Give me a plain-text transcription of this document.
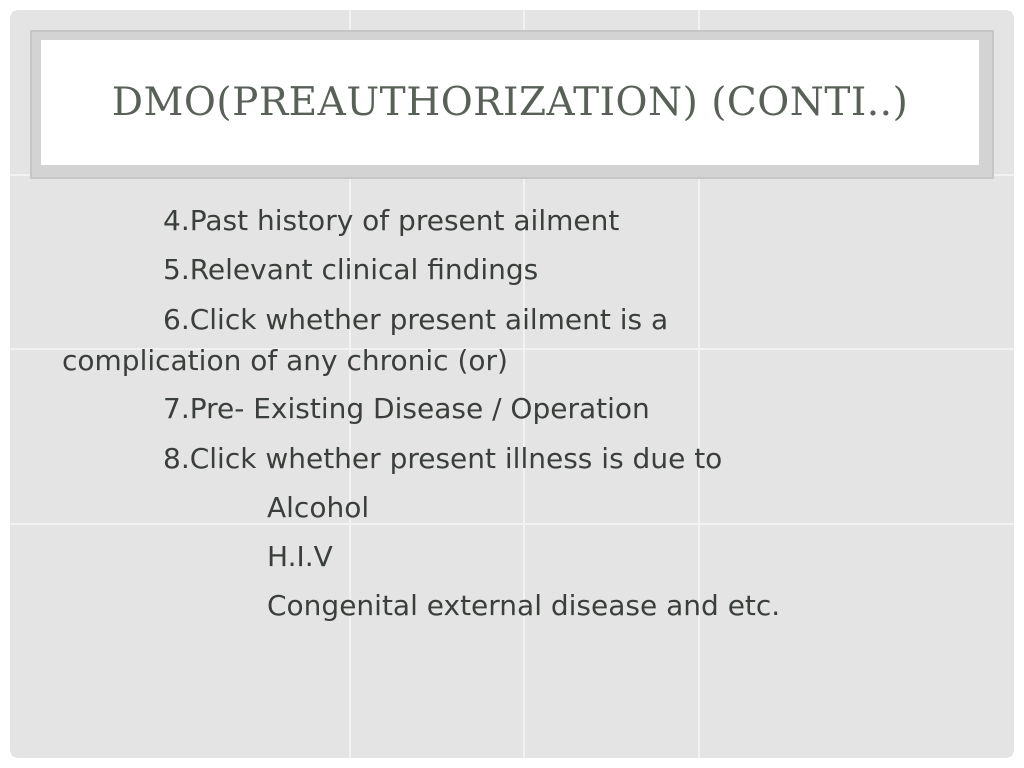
DMO(PREAUTHORIZATION) (CONTI..)
4.Past history of present ailment
5.Relevant clinical findings
6.Click whether present ailment is a
complication of any chronic (or)
7.Pre- Existing Disease / Operation
8.Click whether present illness is due to
Alcohol
H.I.V
Congenital external disease and etc.
